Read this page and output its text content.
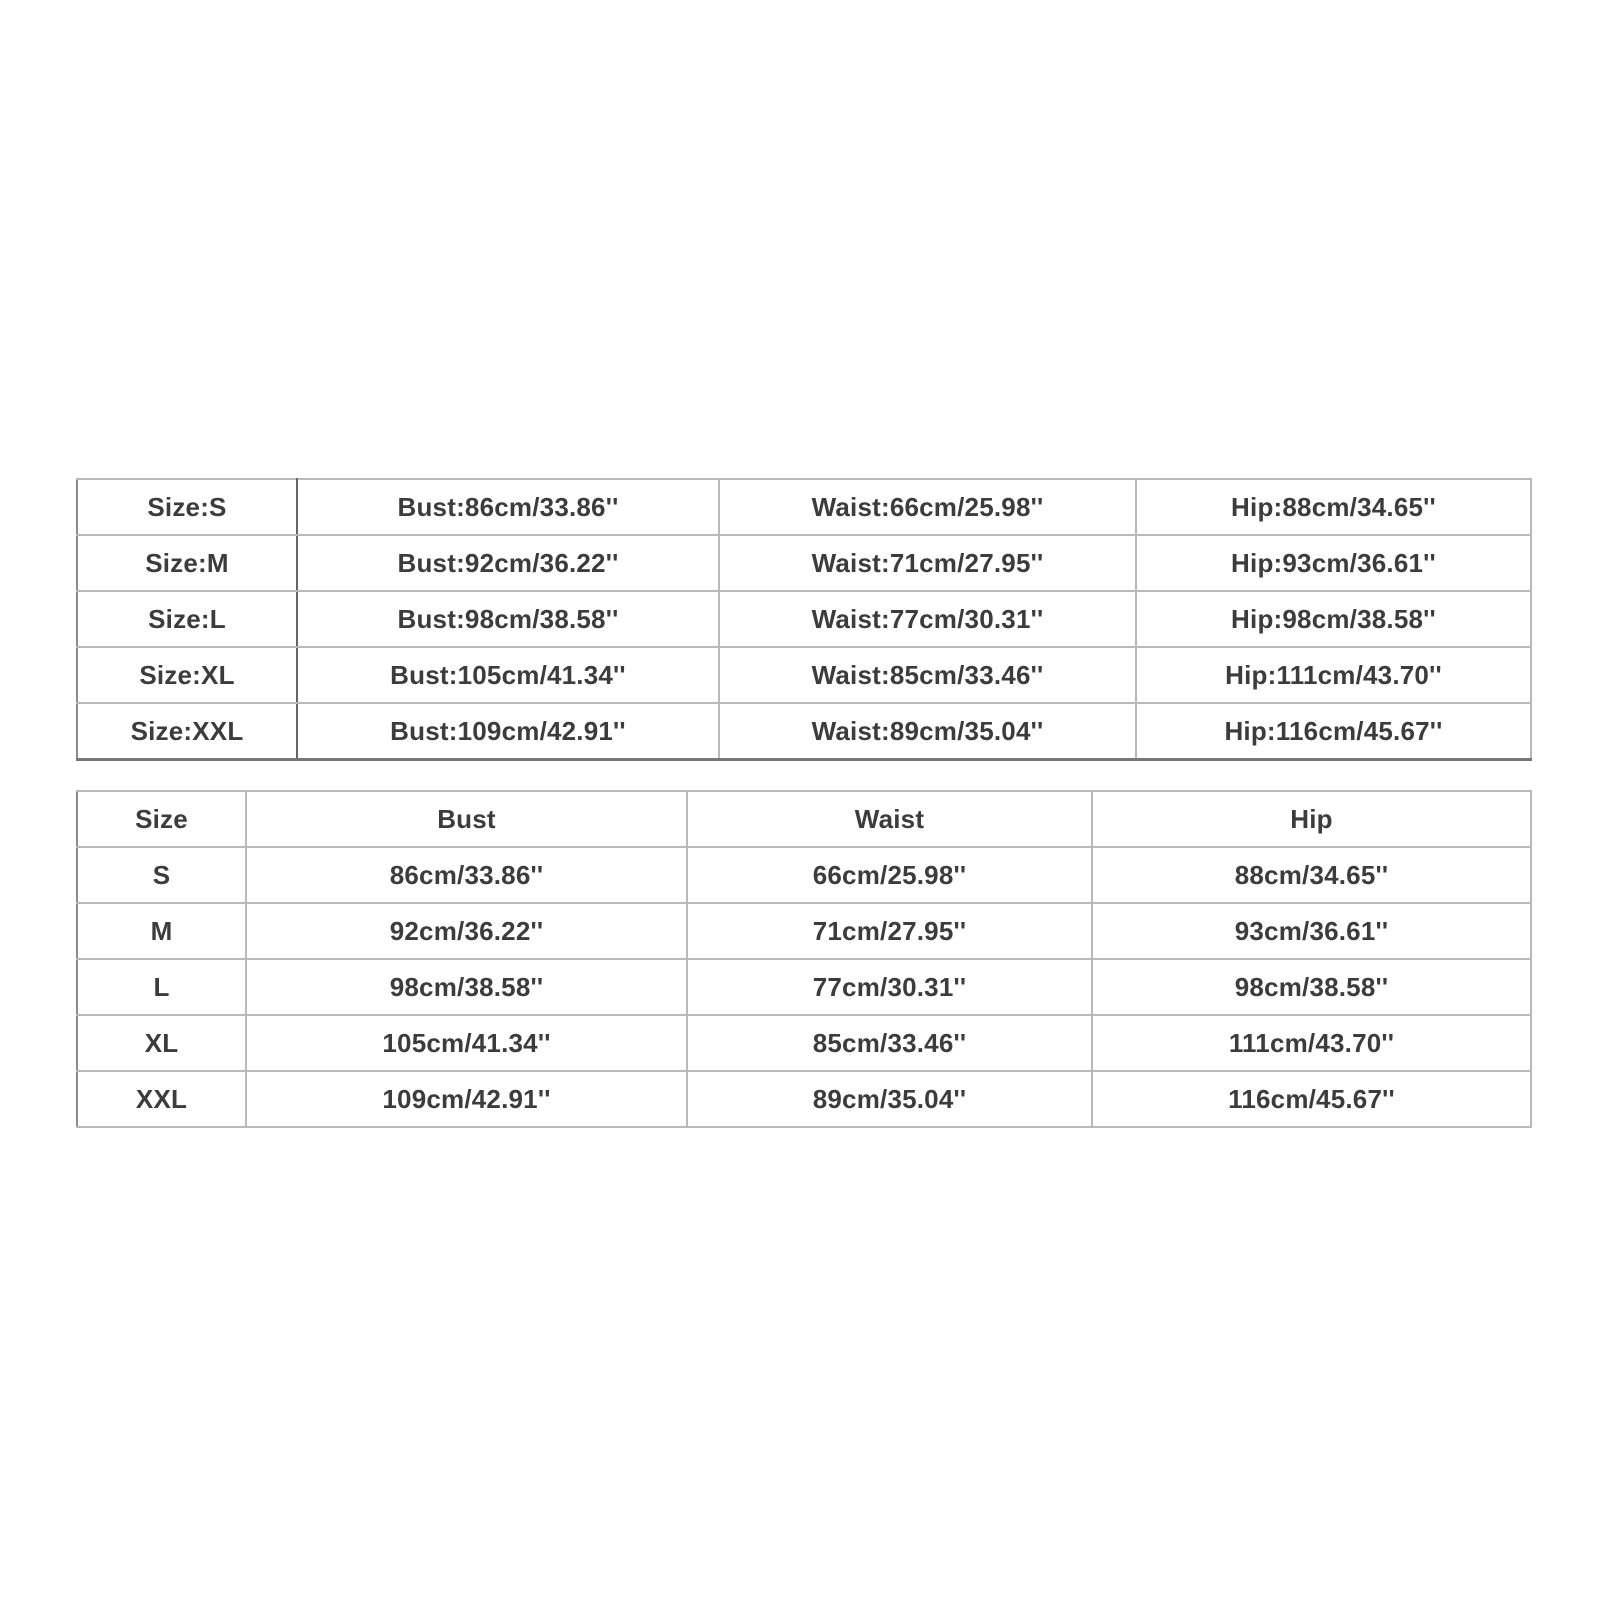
Size:S	Bust:86cm/33.86''	Waist:66cm/25.98''	Hip:88cm/34.65''
Size:M	Bust:92cm/36.22''	Waist:71cm/27.95''	Hip:93cm/36.61''
Size:L	Bust:98cm/38.58''	Waist:77cm/30.31''	Hip:98cm/38.58''
Size:XL	Bust:105cm/41.34''	Waist:85cm/33.46''	Hip:111cm/43.70''
Size:XXL	Bust:109cm/42.91''	Waist:89cm/35.04''	Hip:116cm/45.67''
Size	Bust	Waist	Hip
S	86cm/33.86''	66cm/25.98''	88cm/34.65''
M	92cm/36.22''	71cm/27.95''	93cm/36.61''
L	98cm/38.58''	77cm/30.31''	98cm/38.58''
XL	105cm/41.34''	85cm/33.46''	111cm/43.70''
XXL	109cm/42.91''	89cm/35.04''	116cm/45.67''
